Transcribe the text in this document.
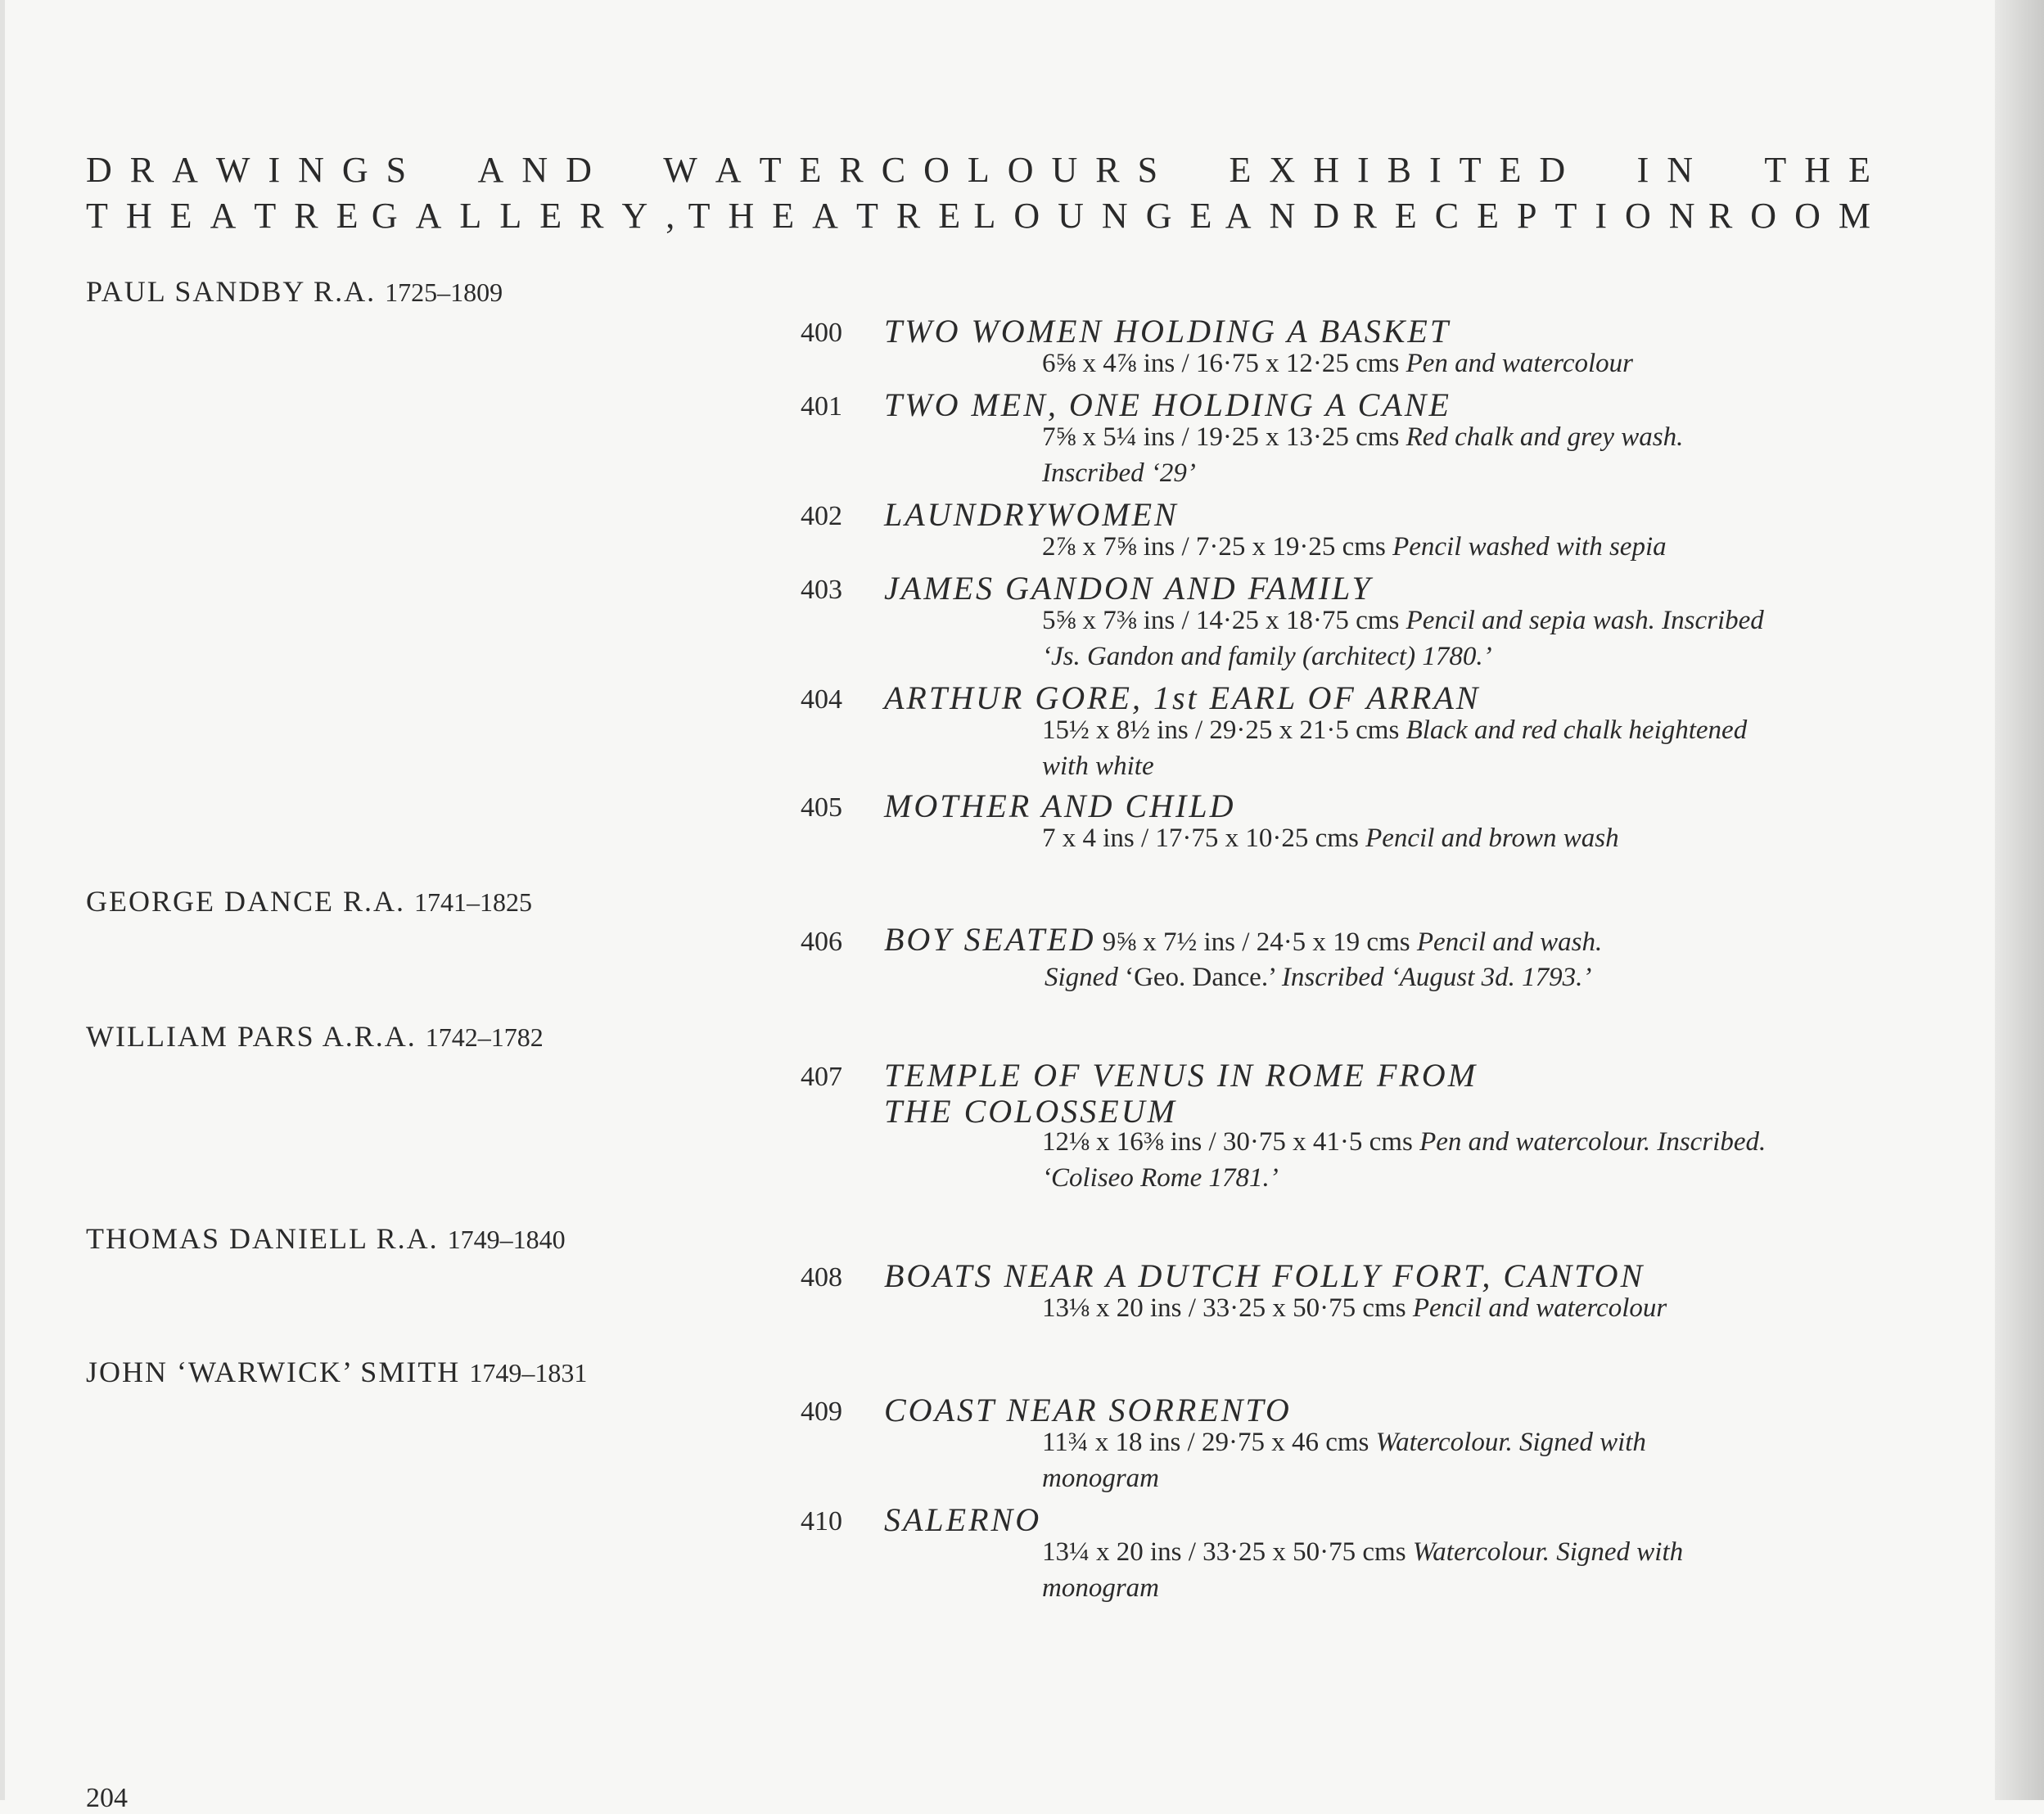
D R A W I N G S A N D W A T E R C O L O U R S E X H I B I T E D I N T H E
T H E A T R E G A L L E R Y , T H E A T R E L O U N G E A N D R E C E P T I O N R O O M
PAUL SANDBY R.A. 1725–1809
GEORGE DANCE R.A. 1741–1825
WILLIAM PARS A.R.A. 1742–1782
THOMAS DANIELL R.A. 1749–1840
JOHN ‘WARWICK’ SMITH 1749–1831
400 TWO WOMEN HOLDING A BASKET
6⅝ x 4⅞ ins / 16·75 x 12·25 cms Pen and watercolour
401 TWO MEN, ONE HOLDING A CANE
7⅝ x 5¼ ins / 19·25 x 13·25 cms Red chalk and grey wash.
Inscribed ‘29’
402 LAUNDRYWOMEN
2⅞ x 7⅝ ins / 7·25 x 19·25 cms Pencil washed with sepia
403 JAMES GANDON AND FAMILY
5⅝ x 7⅜ ins / 14·25 x 18·75 cms Pencil and sepia wash. Inscribed
‘Js. Gandon and family (architect) 1780.’
404 ARTHUR GORE, 1st EARL OF ARRAN
15½ x 8½ ins / 29·25 x 21·5 cms Black and red chalk heightened
with white
405 MOTHER AND CHILD
7 x 4 ins / 17·75 x 10·25 cms Pencil and brown wash
406 BOY SEATED 9⅝ x 7½ ins / 24·5 x 19 cms Pencil and wash.
Signed ‘Geo. Dance.’ Inscribed ‘August 3d. 1793.’
407 TEMPLE OF VENUS IN ROME FROM
THE COLOSSEUM
12⅛ x 16⅜ ins / 30·75 x 41·5 cms Pen and watercolour. Inscribed.
‘Coliseo Rome 1781.’
408 BOATS NEAR A DUTCH FOLLY FORT, CANTON
13⅛ x 20 ins / 33·25 x 50·75 cms Pencil and watercolour
409 COAST NEAR SORRENTO
11¾ x 18 ins / 29·75 x 46 cms Watercolour. Signed with
monogram
410 SALERNO
13¼ x 20 ins / 33·25 x 50·75 cms Watercolour. Signed with
monogram
204
